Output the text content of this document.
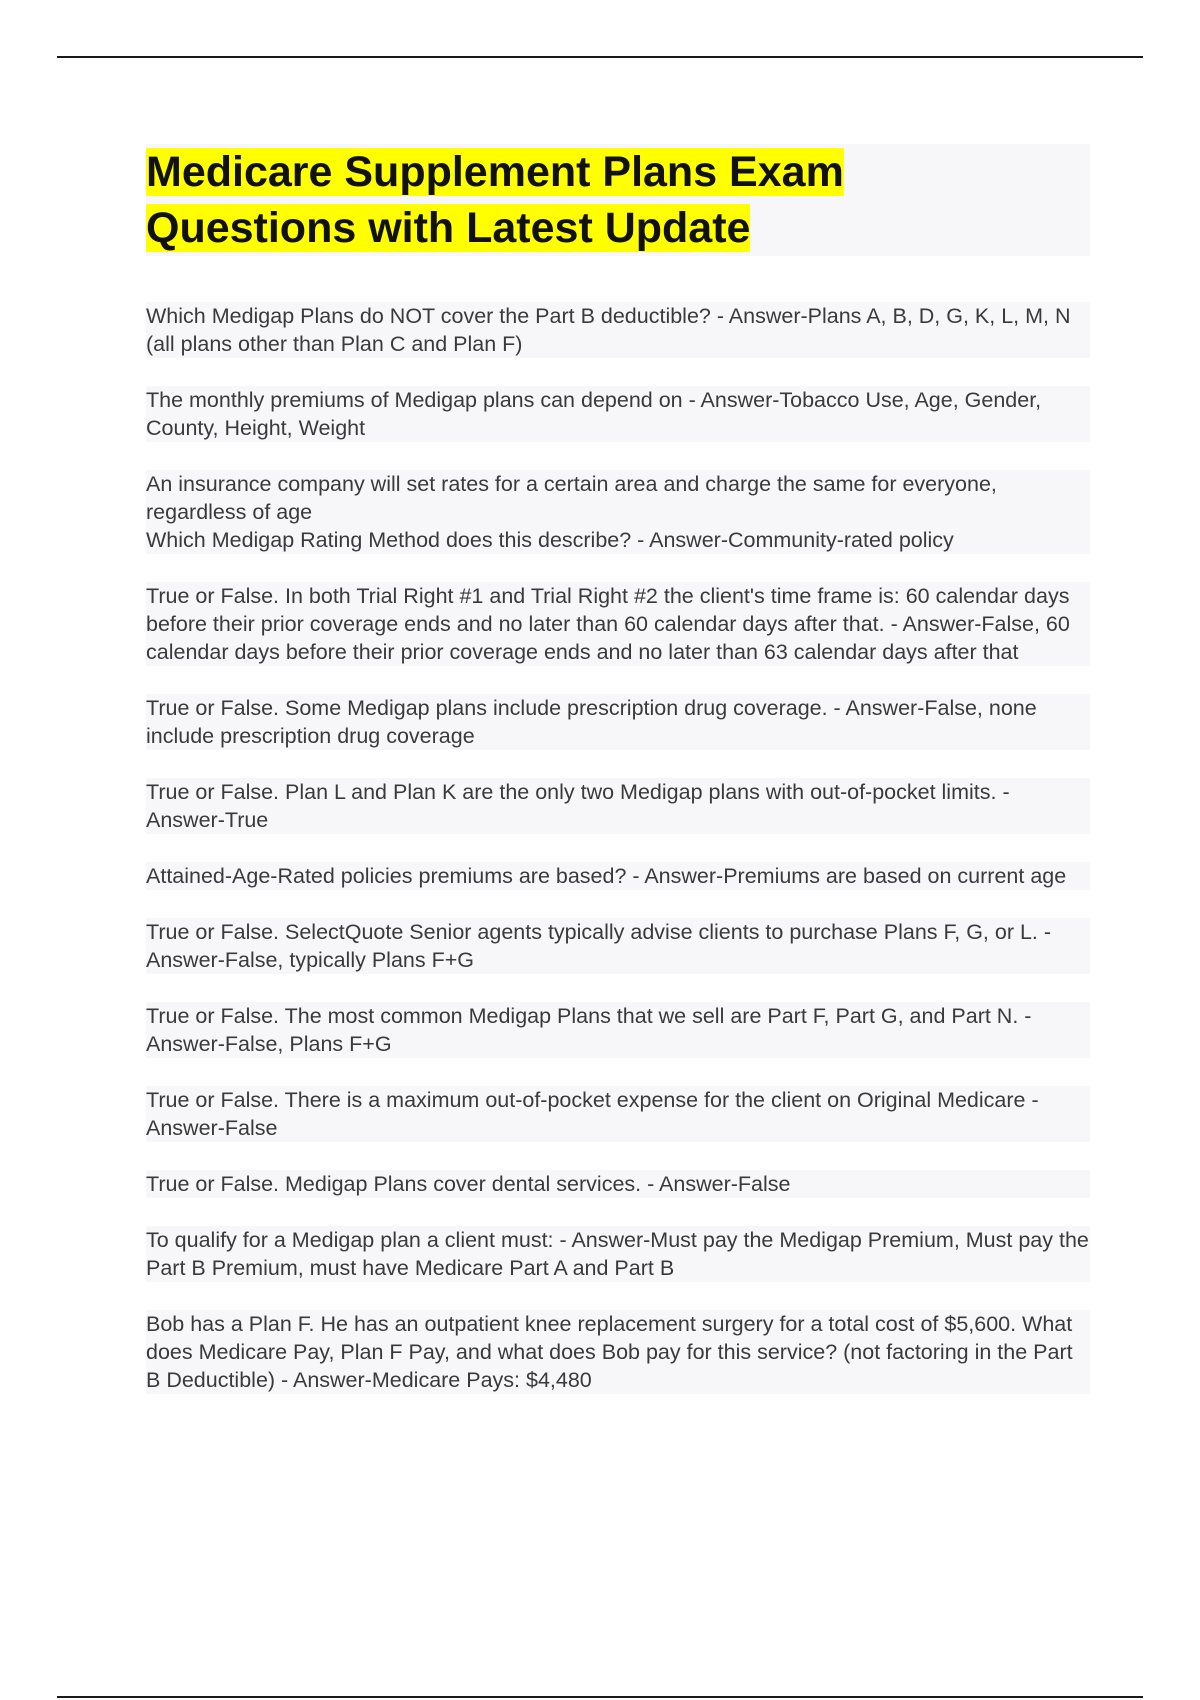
Medicare Supplement Plans Exam
Questions with Latest Update

Which Medigap Plans do NOT cover the Part B deductible? - Answer-Plans A, B, D, G, K, L, M, N (all plans other than Plan C and Plan F)

The monthly premiums of Medigap plans can depend on - Answer-Tobacco Use, Age, Gender, County, Height, Weight

An insurance company will set rates for a certain area and charge the same for everyone, regardless of age
Which Medigap Rating Method does this describe? - Answer-Community-rated policy

True or False. In both Trial Right #1 and Trial Right #2 the client's time frame is: 60 calendar days before their prior coverage ends and no later than 60 calendar days after that. - Answer-False, 60 calendar days before their prior coverage ends and no later than 63 calendar days after that

True or False. Some Medigap plans include prescription drug coverage. - Answer-False, none include prescription drug coverage

True or False. Plan L and Plan K are the only two Medigap plans with out-of-pocket limits. - Answer-True

Attained-Age-Rated policies premiums are based? - Answer-Premiums are based on current age

True or False. SelectQuote Senior agents typically advise clients to purchase Plans F, G, or L. - Answer-False, typically Plans F+G

True or False. The most common Medigap Plans that we sell are Part F, Part G, and Part N. - Answer-False, Plans F+G

True or False. There is a maximum out-of-pocket expense for the client on Original Medicare - Answer-False

True or False. Medigap Plans cover dental services. - Answer-False

To qualify for a Medigap plan a client must: - Answer-Must pay the Medigap Premium, Must pay the Part B Premium, must have Medicare Part A and Part B

Bob has a Plan F. He has an outpatient knee replacement surgery for a total cost of $5,600. What does Medicare Pay, Plan F Pay, and what does Bob pay for this service? (not factoring in the Part B Deductible) - Answer-Medicare Pays: $4,480
